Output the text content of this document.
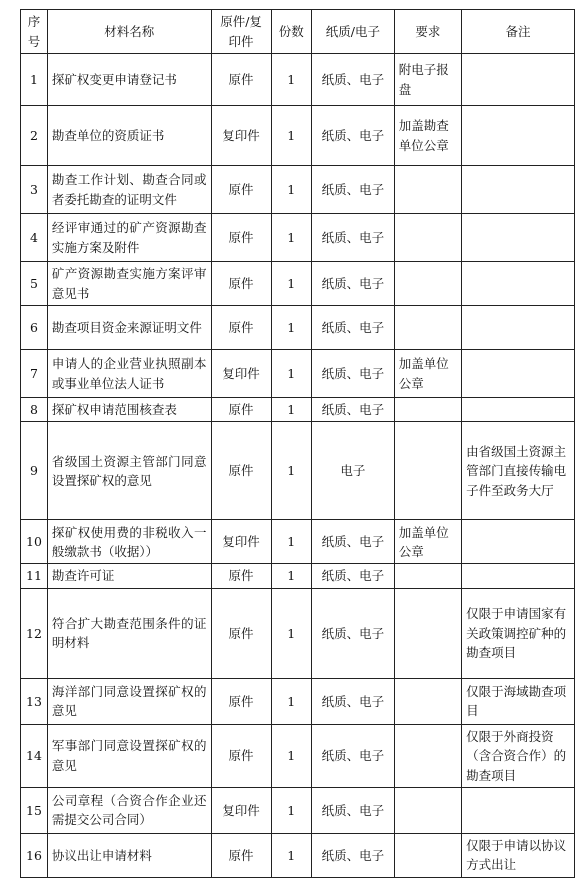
序号	材料名称	原件/复印件	份数	纸质/电子	要求	备注
1	探矿权变更申请登记书	原件	1	纸质、电子	附电子报盘	
2	勘查单位的资质证书	复印件	1	纸质、电子	加盖勘查单位公章	
3	勘查工作计划、勘查合同或者委托勘查的证明文件	原件	1	纸质、电子		
4	经评审通过的矿产资源勘查实施方案及附件	原件	1	纸质、电子		
5	矿产资源勘查实施方案评审意见书	原件	1	纸质、电子		
6	勘查项目资金来源证明文件	原件	1	纸质、电子		
7	申请人的企业营业执照副本或事业单位法人证书	复印件	1	纸质、电子	加盖单位公章	
8	探矿权申请范围核查表	原件	1	纸质、电子		
9	省级国土资源主管部门同意设置探矿权的意见	原件	1	电子		由省级国土资源主管部门直接传输电子件至政务大厅
10	探矿权使用费的非税收入一般缴款书（收据））	复印件	1	纸质、电子	加盖单位公章	
11	勘查许可证	原件	1	纸质、电子		
12	符合扩大勘查范围条件的证明材料	原件	1	纸质、电子		仅限于申请国家有关政策调控矿种的勘查项目
13	海洋部门同意设置探矿权的意见	原件	1	纸质、电子		仅限于海域勘查项目
14	军事部门同意设置探矿权的意见	原件	1	纸质、电子		仅限于外商投资（含合资合作）的勘查项目
15	公司章程（合资合作企业还需提交公司合同）	复印件	1	纸质、电子		
16	协议出让申请材料	原件	1	纸质、电子		仅限于申请以协议方式出让
